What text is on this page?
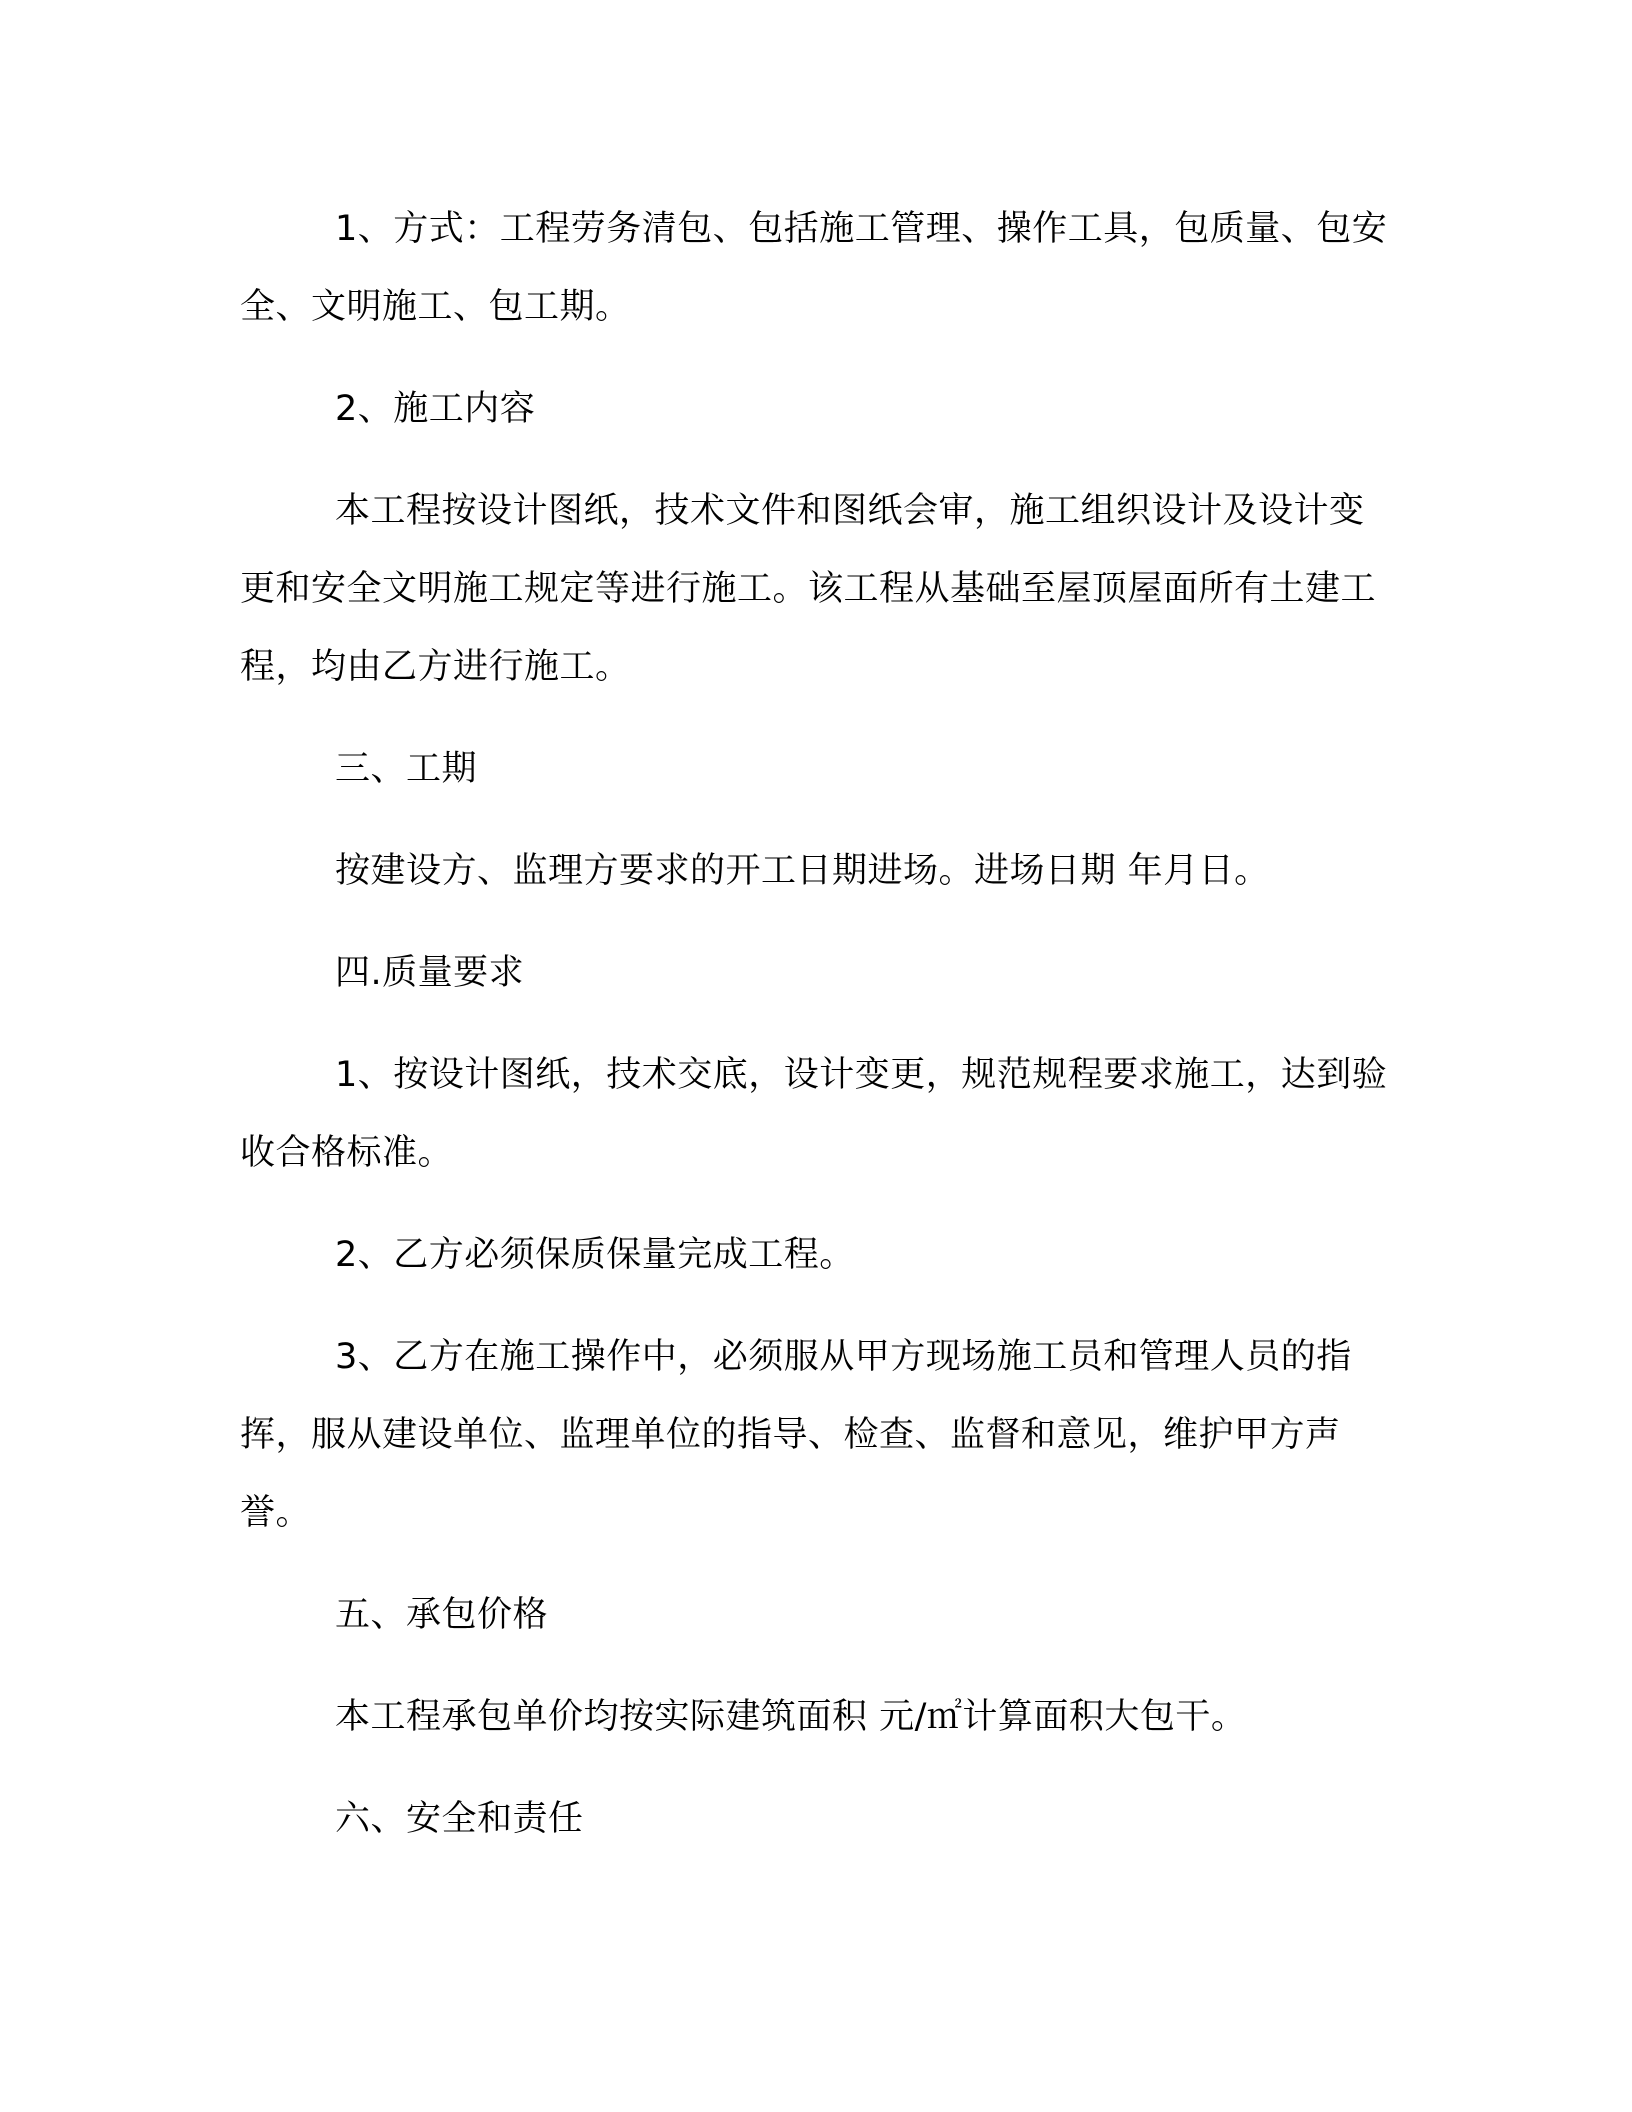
1、方式：工程劳务清包、包括施工管理、操作工具，包质量、包安全、文明施工、包工期。

2、施工内容

本工程按设计图纸，技术文件和图纸会审，施工组织设计及设计变更和安全文明施工规定等进行施工。该工程从基础至屋顶屋面所有土建工程，均由乙方进行施工。

三、工期

按建设方、监理方要求的开工日期进场。进场日期 年月日。

四.质量要求

1、按设计图纸，技术交底，设计变更，规范规程要求施工，达到验收合格标准。

2、乙方必须保质保量完成工程。

3、乙方在施工操作中，必须服从甲方现场施工员和管理人员的指挥，服从建设单位、监理单位的指导、检查、监督和意见，维护甲方声誉。

五、承包价格

本工程承包单价均按实际建筑面积 元/㎡计算面积大包干。

六、安全和责任
